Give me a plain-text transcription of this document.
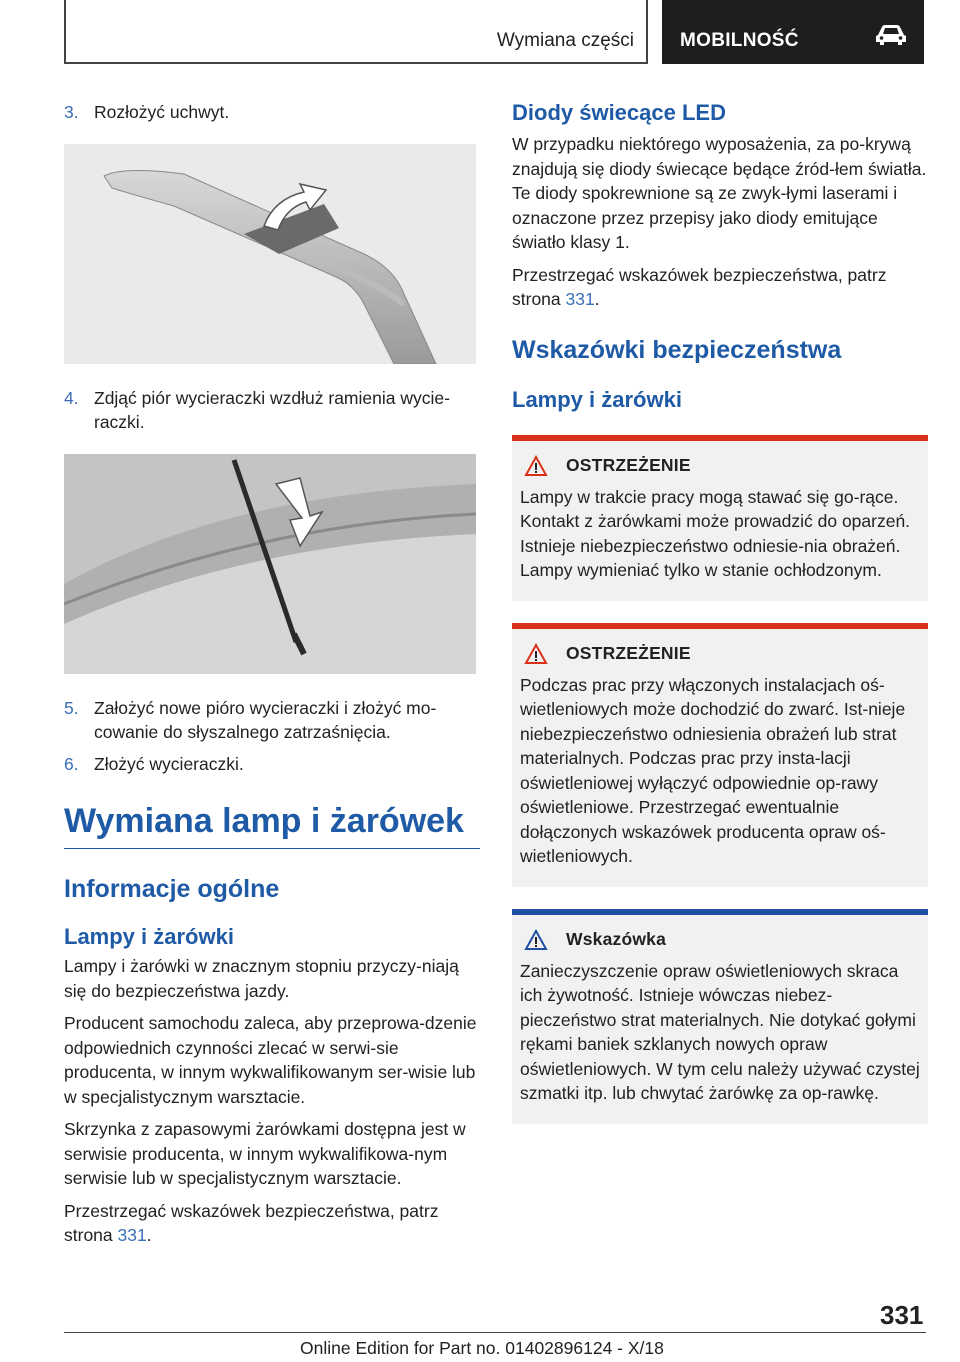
Wymiana części MOBILNOŚĆ
3. Rozłożyć uchwyt.
4. Zdjąć piór wycieraczki wzdłuż ramienia wycie‐raczki.
5. Założyć nowe pióro wycieraczki i złożyć mo‐cowanie do słyszalnego zatrzaśnięcia.
6. Złożyć wycieraczki.
Wymiana lamp i żarówek
Informacje ogólne
Lampy i żarówki

Lampy i żarówki w znacznym stopniu przyczy‐niają się do bezpieczeństwa jazdy.

Producent samochodu zaleca, aby przeprowa‐dzenie odpowiednich czynności zlecać w serwi‐sie producenta, w innym wykwalifikowanym ser‐wisie lub w specjalistycznym warsztacie.

Skrzynka z zapasowymi żarówkami dostępna jest w serwisie producenta, w innym wykwalifikowa‐nym serwisie lub w specjalistycznym warsztacie.

Przestrzegać wskazówek bezpieczeństwa, patrz strona 331.

Diody świecące LED

W przypadku niektórego wyposażenia, za po‐krywą znajdują się diody świecące będące źród‐łem światła. Te diody spokrewnione są ze zwyk‐łymi laserami i oznaczone przez przepisy jako diody emitujące światło klasy 1.

Przestrzegać wskazówek bezpieczeństwa, patrz strona 331.

Wskazówki bezpieczeństwa
Lampy i żarówki
OSTRZEŻENIE

Lampy w trakcie pracy mogą stawać się go‐rące. Kontakt z żarówkami może prowadzić do oparzeń. Istnieje niebezpieczeństwo odniesie‐nia obrażeń. Lampy wymieniać tylko w stanie ochłodzonym.

OSTRZEŻENIE

Podczas prac przy włączonych instalacjach oś‐wietleniowych może dochodzić do zwarć. Ist‐nieje niebezpieczeństwo odniesienia obrażeń lub strat materialnych. Podczas prac przy insta‐lacji oświetleniowej wyłączyć odpowiednie op‐rawy oświetleniowe. Przestrzegać ewentualnie dołączonych wskazówek producenta opraw oś‐wietleniowych.

Wskazówka

Zanieczyszczenie opraw oświetleniowych skraca ich żywotność. Istnieje wówczas niebez‐pieczeństwo strat materialnych. Nie dotykać gołymi rękami baniek szklanych nowych opraw oświetleniowych. W tym celu należy używać czystej szmatki itp. lub chwytać żarówkę za op‐rawkę.

331
Online Edition for Part no. 01402896124 - X/18
